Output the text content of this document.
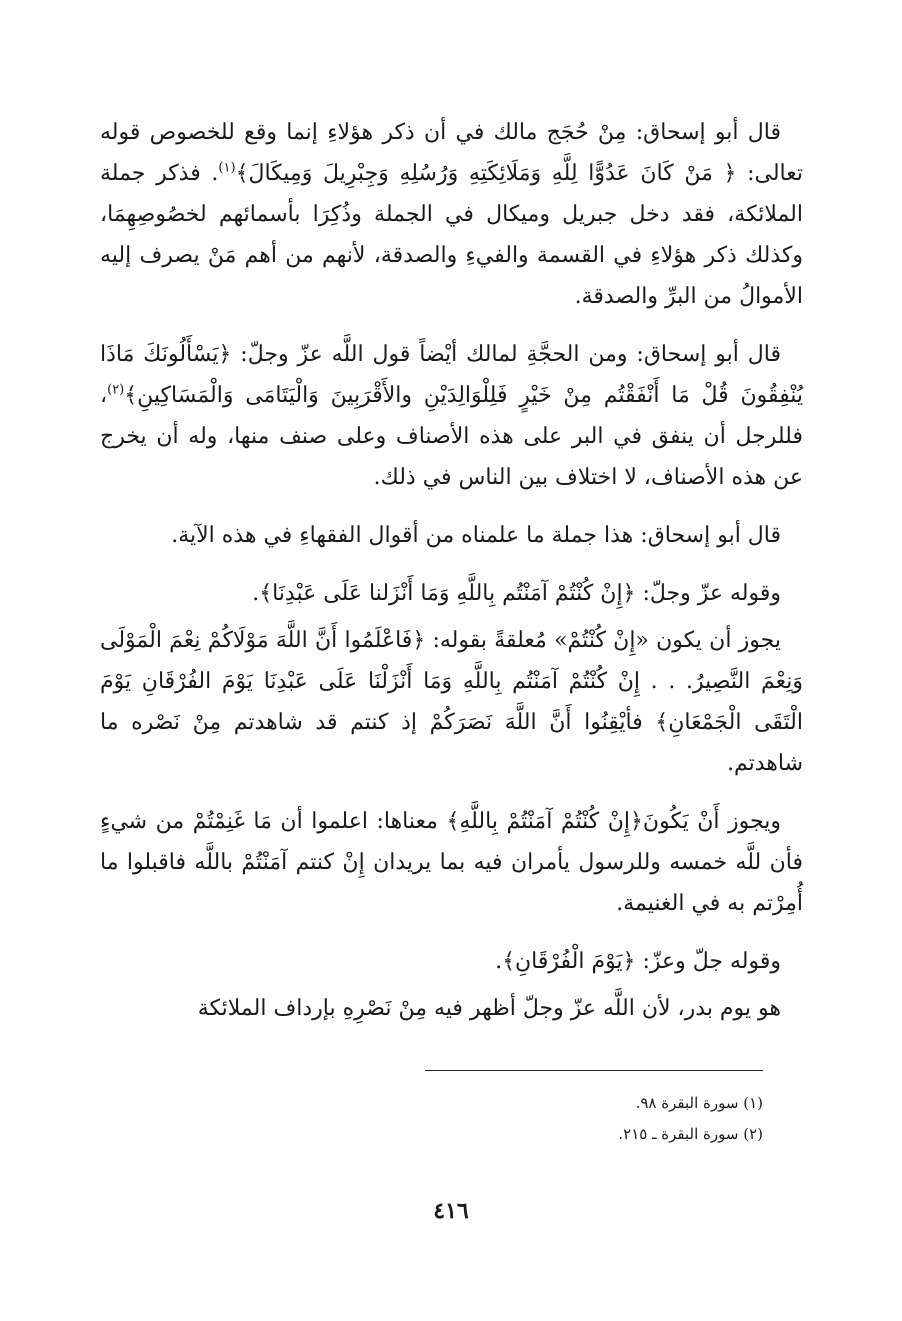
قال أبو إسحاق: مِنْ حُجَج مالك في أن ذكر هؤلاءِ إنما وقع للخصوص قوله تعالى: ﴿ مَنْ كَانَ عَدُوًّا لِلَّهِ وَمَلَائِكَتِهِ وَرُسُلِهِ وَجِبْرِيلَ وَمِيكَالَ﴾$^{(١)}$. فذكر جملة الملائكة، فقد دخل جبريل وميكال في الجملة وذُكِرَا بأسمائهم لخصُوصِهِمَا، وكذلك ذكر هؤلاءِ في القسمة والفيءِ والصدقة، لأنهم من أهم مَنْ يصرف إليه الأموالُ من البرِّ والصدقة.

قال أبو إسحاق: ومن الحجَّةِ لمالك أيْضاً قول اللَّه عزّ وجلّ: ﴿يَسْأَلُونَكَ مَاذَا يُنْفِقُونَ قُلْ مَا أَنْفَقْتُم مِنْ خَيْرٍ فَلِلْوَالِدَيْنِ والأَقْرَبِينَ وَالْيَتَامَى وَالْمَسَاكِينِ﴾$^{(٢)}$، فللرجل أن ينفق في البر على هذه الأصناف وعلى صنف منها، وله أن يخرج عن هذه الأصناف، لا اختلاف بين الناس في ذلك.

قال أبو إسحاق: هذا جملة ما علمناه من أقوال الفقهاءِ في هذه الآية.

وقوله عزّ وجلّ: ﴿إِنْ كُنْتُمْ آمَنْتُم بِاللَّهِ وَمَا أَنْزَلنا عَلَى عَبْدِنَا﴾.

يجوز أن يكون «إِنْ كُنْتُمْ» مُعلقةً بقوله: ﴿فَاعْلَمُوا أَنَّ اللَّهَ مَوْلَاكُمْ نِعْمَ الْمَوْلَى وَنِعْمَ النَّصِيرُ. . . إِنْ كُنْتُمْ آمَنْتُم بِاللَّهِ وَمَا أَنْزَلْنَا عَلَى عَبْدِنَا يَوْمَ الفُرْقَانِ يَوْمَ الْتَقَى الْجَمْعَانِ﴾ فأيْقِنُوا أَنَّ اللَّهَ نَصَرَكُمْ إذ كنتم قد شاهدتم مِنْ نَصْره ما شاهدتم.

ويجوز أَنْ يَكُونَ﴿إِنْ كُنْتُمْ آمَنْتُمْ بِاللَّهِ﴾ معناها: اعلموا أن مَا غَنِمْتُمْ من شيءٍ فأن للَّه خمسه وللرسول يأمران فيه بما يريدان إِنْ كنتم آمَنْتُمْ باللَّه فاقبلوا ما أُمِرْتم به في الغنيمة.

وقوله جلّ وعزّ: ﴿يَوْمَ الْفُرْقَانِ﴾.

هو يوم بدر، لأن اللَّه عزّ وجلّ أظهر فيه مِنْ نَصْرِهِ بإرداف الملائكة

(١) سورة البقرة ٩٨.
(٢) سورة البقرة ـ ٢١٥.
٤١٦
